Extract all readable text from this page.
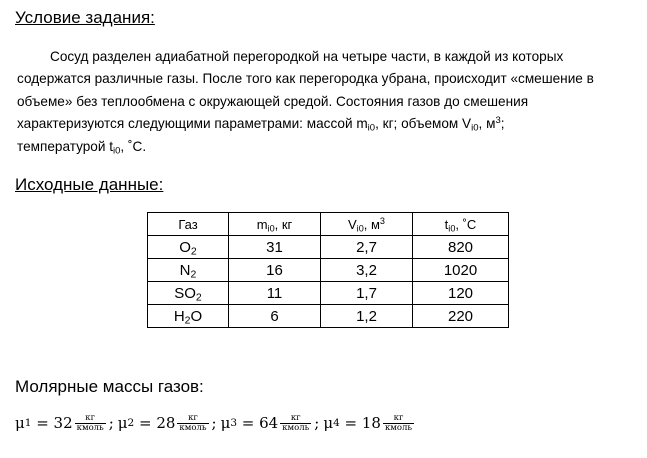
Условие задания:
Сосуд разделен адиабатной перегородкой на четыре части, в каждой из которых
содержатся различные газы. После того как перегородка убрана, происходит «смешение в
объеме» без теплообмена с окружающей средой. Состояния газов до смешения
характеризуются следующими параметрами: массой $m_{i0}$, кг; объемом $V_{i0}$, $м^3$;
температурой $t_{i0}$, ˚С.
Исходные данные:
Газ	$m_{i0}$, кг	$V_{i0}$, $м^3$	$t_{i0}$, ˚С
$O_2$	31	2,7	820
$N_2$	16	3,2	1020
$SO_2$	11	1,7	120
$H_2O$	6	1,2	220
Молярные массы газов:
μ $1 = 32 \frac{кг}{\text{кмоль}}$ ; μ $2 = 28 \frac{кг}{\text{кмоль}}$ ; μ $3 = 64 \frac{кг}{\text{кмоль}}$ ; μ $4 = 18 \frac{кг}{\text{кмоль}}$
